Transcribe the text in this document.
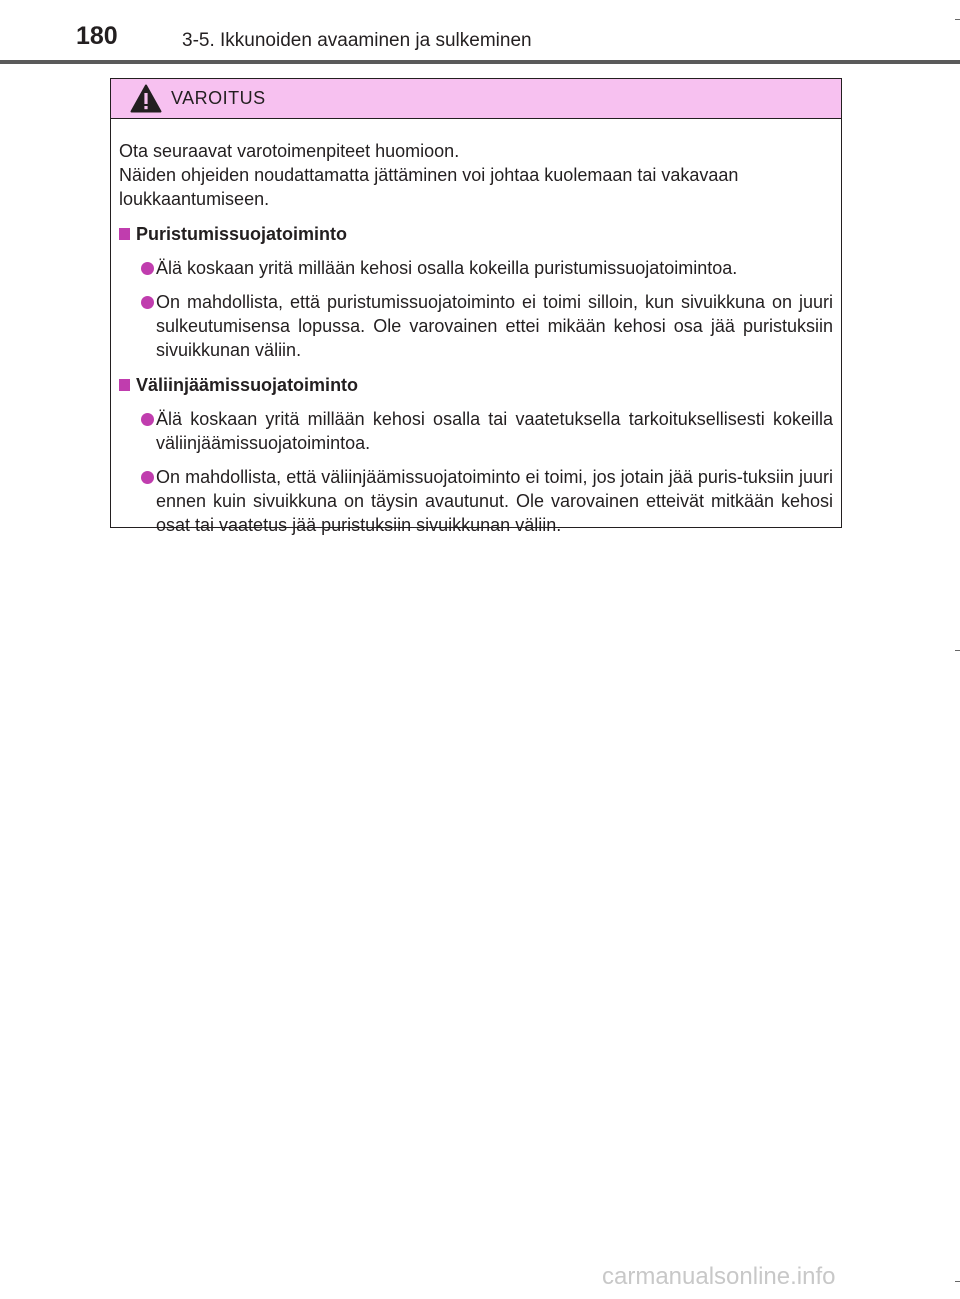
180	3-5. Ikkunoiden avaaminen ja sulkeminen
VAROITUS

Ota seuraavat varotoimenpiteet huomioon.

Näiden ohjeiden noudattamatta jättäminen voi johtaa kuolemaan tai vakavaan loukkaantumiseen.

Puristumissuojatoiminto
Älä koskaan yritä millään kehosi osalla kokeilla puristumissuojatoimintoa.
On mahdollista, että puristumissuojatoiminto ei toimi silloin, kun sivuikkuna on juuri sulkeutumisensa lopussa. Ole varovainen ettei mikään kehosi osa jää puristuksiin sivuikkunan väliin.
Väliinjäämissuojatoiminto
Älä koskaan yritä millään kehosi osalla tai vaatetuksella tarkoituksellisesti kokeilla väliinjäämissuojatoimintoa.
On mahdollista, että väliinjäämissuojatoiminto ei toimi, jos jotain jää puris-tuksiin juuri ennen kuin sivuikkuna on täysin avautunut. Ole varovainen etteivät mitkään kehosi osat tai vaatetus jää puristuksiin sivuikkunan väliin.
carmanualsonline.info
